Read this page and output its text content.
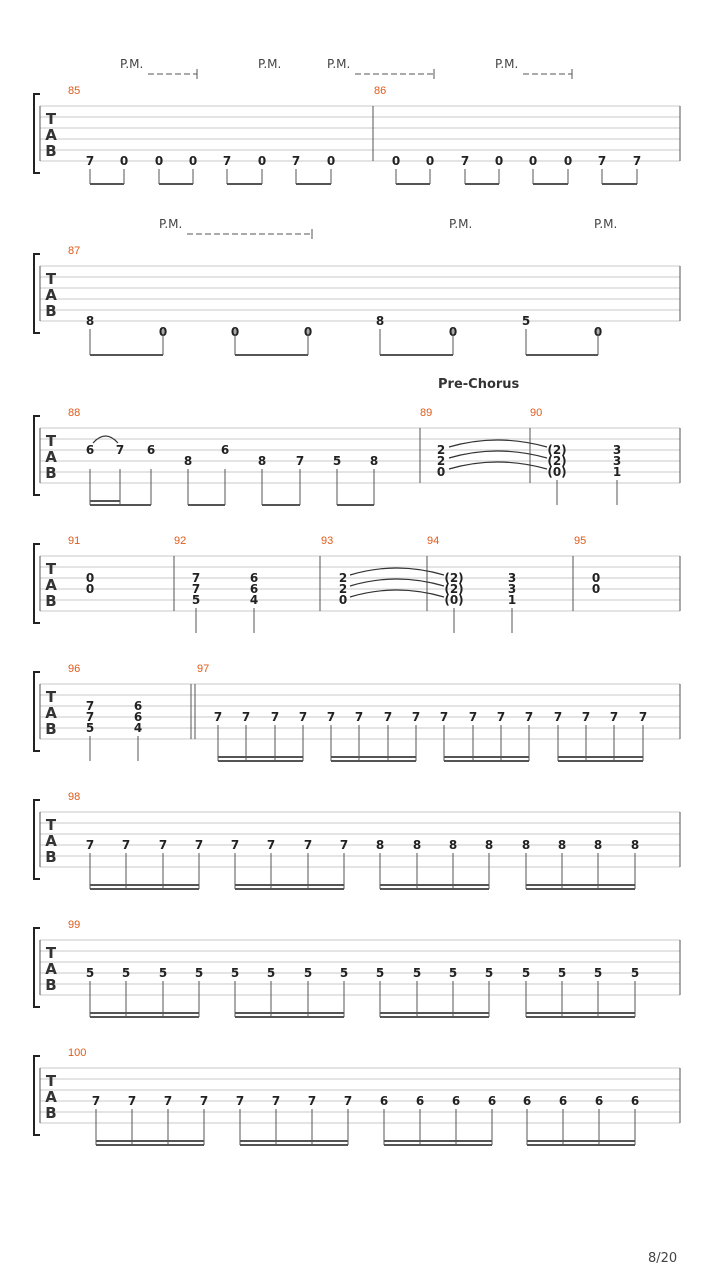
T
A
B
85	86
7 0 0 0 7 0 7 0	0 0 7 0 0 0 7 7
P.M.	P.M.	P.M.	P.M.
T
A
B
87
8
0	0	0
8
0
5
0
P.M.	P.M.	P.M.
T
A
B
88	89	90
6 7 6
8
6
8 7 5 8
2
2
0
(2)
(2)
(0)
3
3
1
T
A
B
91	92	93	94	95
0
0
7
7
5
6
6
4
2
2
0
(2)
(2)
(0)
3
3
1
0
0
T
A
B
96	97
7
7
5
6
6
4
7 7 7 7 7 7 7 7 7 7 7 7 7 7 7 7
T
A
B
98
7 7 7 7 7 7 7 7 8 8 8 8 8 8 8 8
T
A
B
99
5 5 5 5 5 5 5 5 5 5 5 5 5 5 5 5
T
A
B
100
7 7 7 7 7 7 7 7 6 6 6 6 6 6 6 6
Pre-Chorus
8/20
